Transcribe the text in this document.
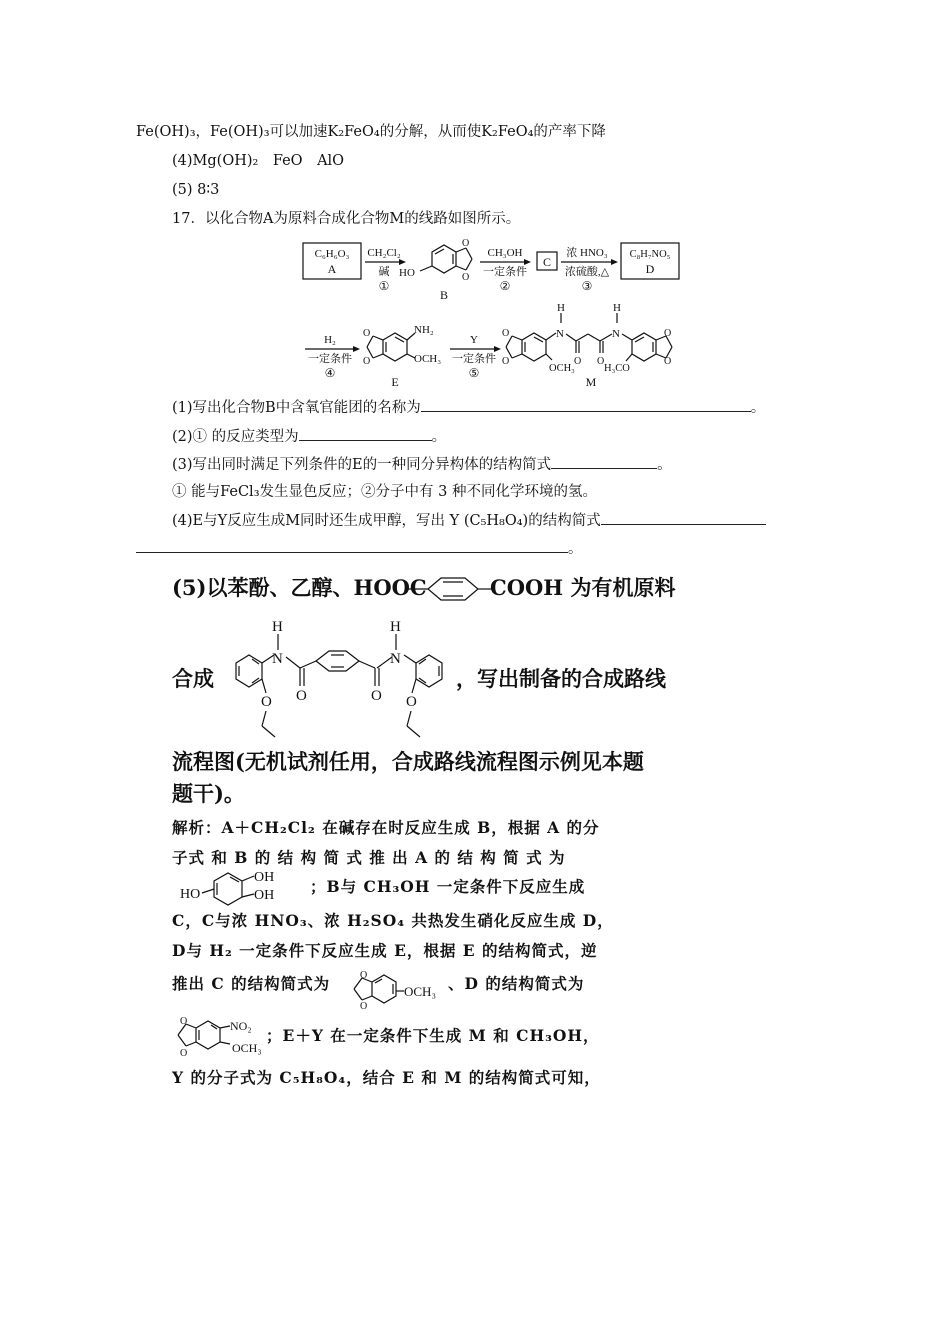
Fe(OH)₃，Fe(OH)₃可以加速K₂FeO₄的分解，从而使K₂FeO₄的产率下降
(4)Mg(OH)₂　FeO　AlO
(5) 8∶3
17．以化合物A为原料合成化合物M的线路如图所示。
C₆H₆O₃
A
CH₂Cl₂
碱
①
O
O
HO
B
CH₃OH
一定条件
②
C
浓 HNO₃
浓硫酸,△
③
C₈H₇NO₅
D
H₂
一定条件
④
O
O
NH₂
OCH₃
E
Y
一定条件
⑤
O
O
OCH₃
N
H
O O
N
H
O
O
H₃CO
M
(1)写出化合物B中含氧官能团的名称为	。
(2)① 的反应类型为	。
(3)写出同时满足下列条件的E的一种同分异构体的结构简式	。
① 能与FeCl₃发生显色反应；②分子中有 3 种不同化学环境的氢。
(4)E与Y反应生成M同时还生成甲醇，写出 Y (C₅H₈O₄)的结构简式
。
(5)以苯酚、乙醇、HOOC	COOH 为有机原料
合成
N
H
O O	O
N
H
O
，写出制备的合成路线
流程图(无机试剂任用，合成路线流程图示例见本题
题干)。
解析：A＋CH₂Cl₂ 在碱存在时反应生成 B，根据 A 的分
子式 和 B 的 结 构 简 式 推 出 A 的 结 构 简 式 为
HO
OH
OH ；B与 CH₃OH 一定条件下反应生成
C，C与浓 HNO₃、浓 H₂SO₄ 共热发生硝化反应生成 D，
D与 H₂ 一定条件下反应生成 E，根据 E 的结构简式，逆
推出 C 的结构简式为	O
O
OCH₃ 、D 的结构简式为
O
O
NO₂
OCH₃
；E＋Y 在一定条件下生成 M 和 CH₃OH，
Y 的分子式为 C₅H₈O₄，结合 E 和 M 的结构简式可知，
